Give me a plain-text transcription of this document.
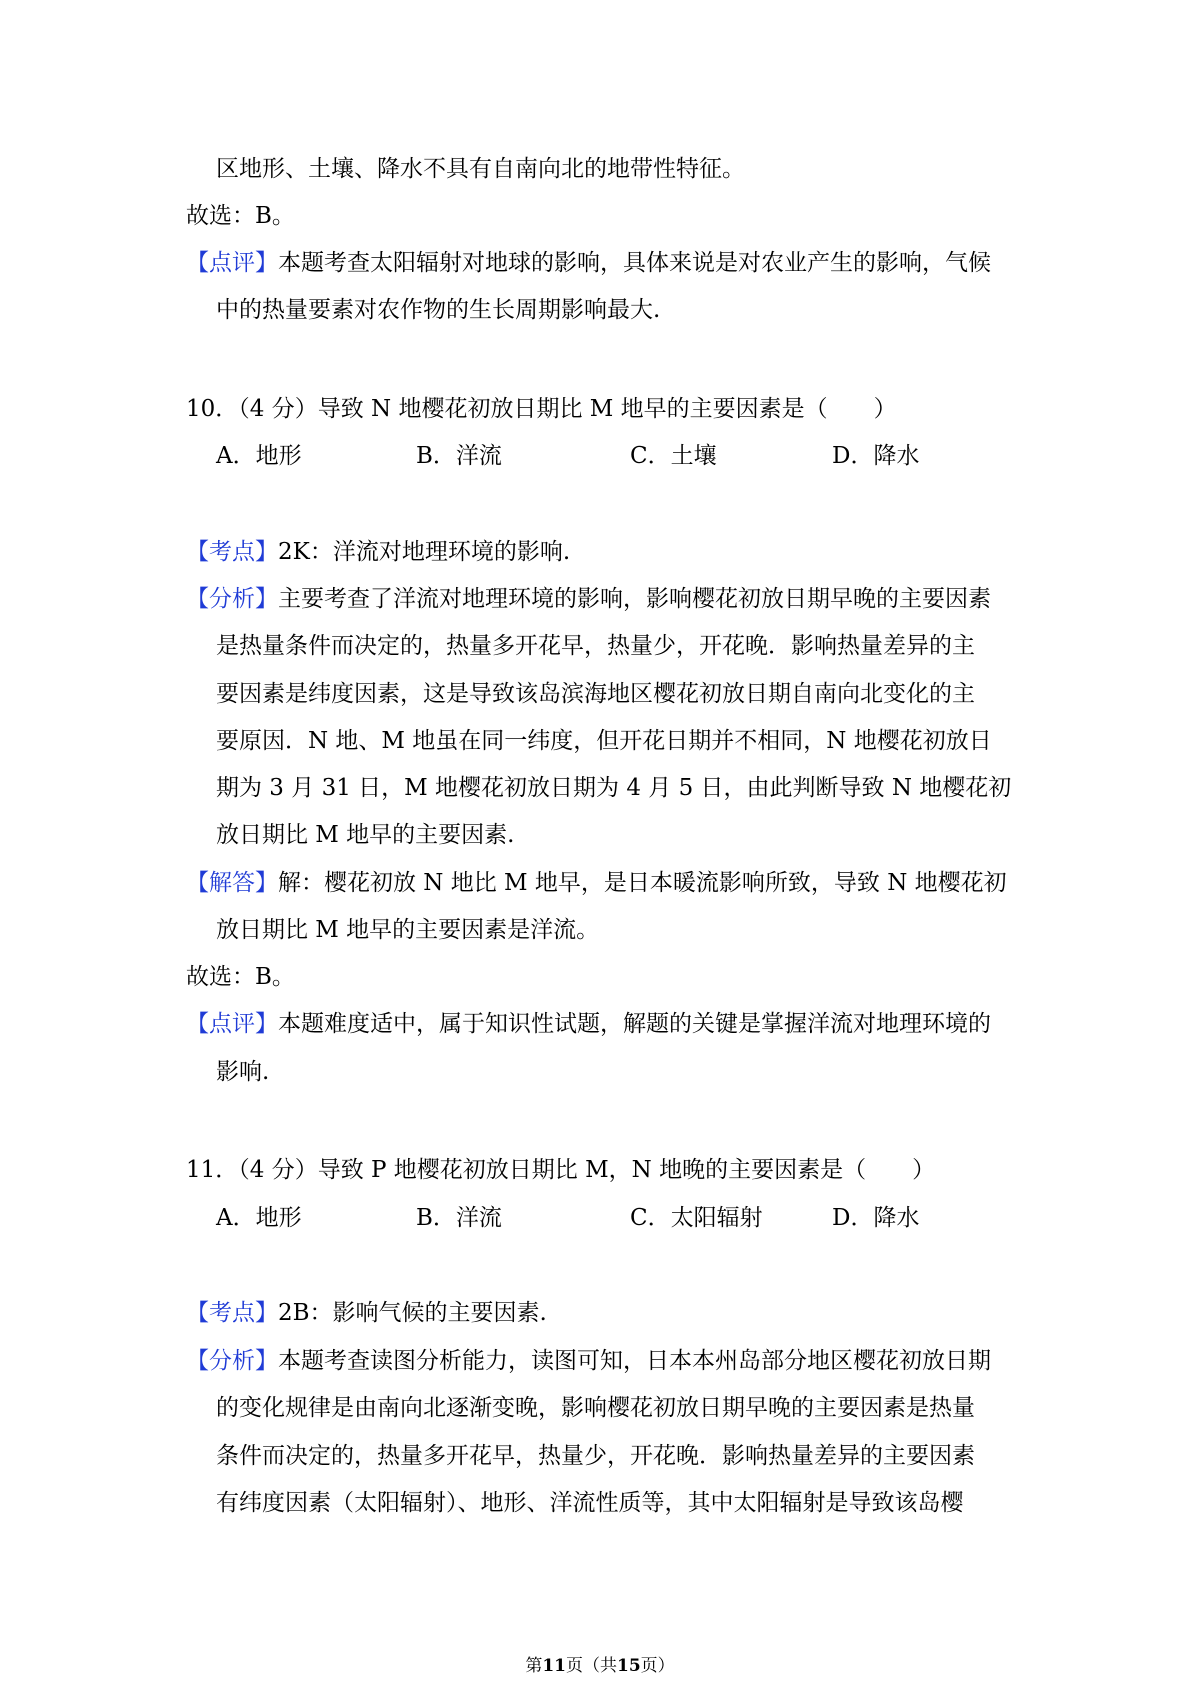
区地形、土壤、降水不具有自南向北的地带性特征。
故选：B。
【点评】本题考查太阳辐射对地球的影响，具体来说是对农业产生的影响，气候
中的热量要素对农作物的生长周期影响最大.
10．（4 分）导致 N 地樱花初放日期比 M 地早的主要因素是（　　）
A．地形	B．洋流	C．土壤	D．降水
【考点】2K：洋流对地理环境的影响.
【分析】主要考查了洋流对地理环境的影响，影响樱花初放日期早晚的主要因素
是热量条件而决定的，热量多开花早，热量少，开花晚．影响热量差异的主
要因素是纬度因素，这是导致该岛滨海地区樱花初放日期自南向北变化的主
要原因．N 地、M 地虽在同一纬度，但开花日期并不相同，N 地樱花初放日
期为 3 月 31 日，M 地樱花初放日期为 4 月 5 日，由此判断导致 N 地樱花初
放日期比 M 地早的主要因素.
【解答】解：樱花初放 N 地比 M 地早，是日本暖流影响所致，导致 N 地樱花初
放日期比 M 地早的主要因素是洋流。
故选：B。
【点评】本题难度适中，属于知识性试题，解题的关键是掌握洋流对地理环境的
影响.
11．（4 分）导致 P 地樱花初放日期比 M，N 地晚的主要因素是（　　）
A．地形	B．洋流	C．太阳辐射	D．降水
【考点】2B：影响气候的主要因素.
【分析】本题考查读图分析能力，读图可知，日本本州岛部分地区樱花初放日期
的变化规律是由南向北逐渐变晚，影响樱花初放日期早晚的主要因素是热量
条件而决定的，热量多开花早，热量少，开花晚．影响热量差异的主要因素
有纬度因素（太阳辐射）、地形、洋流性质等，其中太阳辐射是导致该岛樱
第11页（共15页）
